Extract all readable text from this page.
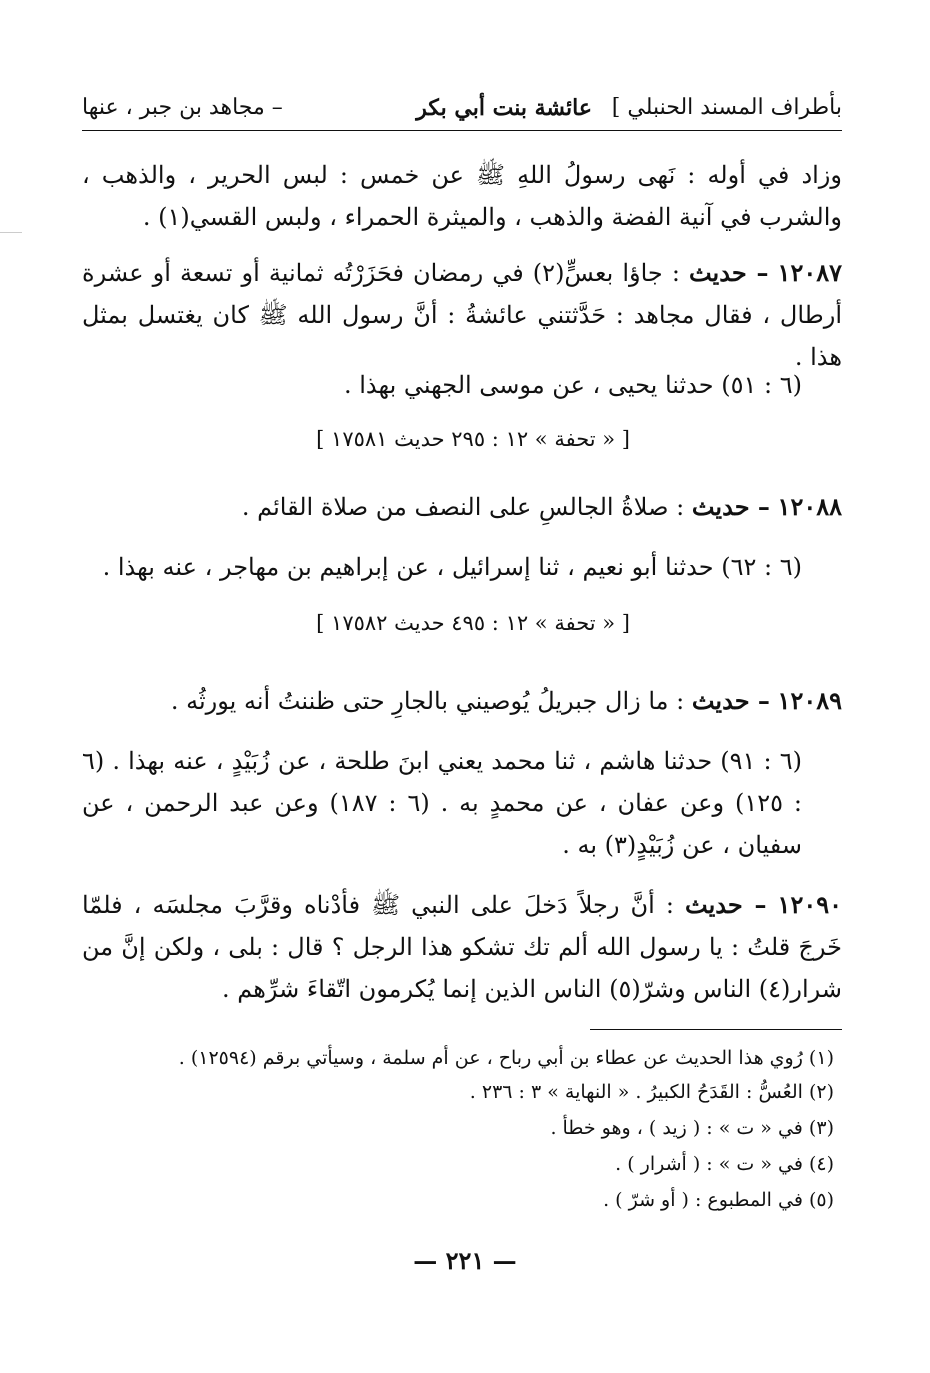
بأطراف المسند الحنبلي ]
عائشة بنت أبي بكر
– مجاهد بن جبر ، عنها
وزاد في أوله : نَهى رسولُ اللهِ ﷺ عن خمس : لبس الحرير ، والذهب ، والشرب في آنية الفضة والذهب ، والميثرة الحمراء ، ولبس القسي(١) .
١٢٠٨٧ – حديث : جاؤا بعسٍّ(٢) في رمضان فحَزَرْتُه ثمانية أو تسعة أو عشرة أرطال ، فقال مجاهد : حَدَّثتني عائشةُ : أنَّ رسول الله ﷺ كان يغتسل بمثل هذا .
(٦ : ٥١) حدثنا يحيى ، عن موسى الجهني بهذا .
[ « تحفة » ١٢ : ٢٩٥ حديث ١٧٥٨١ ]
١٢٠٨٨ – حديث : صلاةُ الجالسِ على النصف من صلاة القائم .
(٦ : ٦٢) حدثنا أبو نعيم ، ثنا إسرائيل ، عن إبراهيم بن مهاجر ، عنه بهذا .
[ « تحفة » ١٢ : ٤٩٥ حديث ١٧٥٨٢ ]
١٢٠٨٩ – حديث : ما زال جبريلُ يُوصيني بالجارِ حتى ظننتُ أنه يورثُه .
(٦ : ٩١) حدثنا هاشم ، ثنا محمد يعني ابنَ طلحة ، عن زُبَيْدٍ ، عنه بهذا . (٦ : ١٢٥) وعن عفان ، عن محمدٍ به . (٦ : ١٨٧) وعن عبد الرحمن ، عن سفيان ، عن زُبَيْدٍ(٣) به .
١٢٠٩٠ – حديث : أنَّ رجلاً دَخلَ على النبي ﷺ فأدْناه وقرَّبَ مجلسَه ، فلمّا خَرجَ قلتُ : يا رسول الله ألم تك تشكو هذا الرجل ؟ قال : بلى ، ولكن إنَّ من شرار(٤) الناس وشرّ(٥) الناس الذين إنما يُكرمون اتّقاءَ شرِّهم .
(١) رُوي هذا الحديث عن عطاء بن أبي رباح ، عن أم سلمة ، وسيأتي برقم (١٢٥٩٤) .
(٢) العُسُّ : القَدَحُ الكبيرُ . « النهاية » ٣ : ٢٣٦ .
(٣) في « ت » : ( زيد ) ، وهو خطأ .
(٤) في « ت » : ( أشرار ) .
(٥) في المطبوع : ( أو شرّ ) .
— ٢٢١ —
